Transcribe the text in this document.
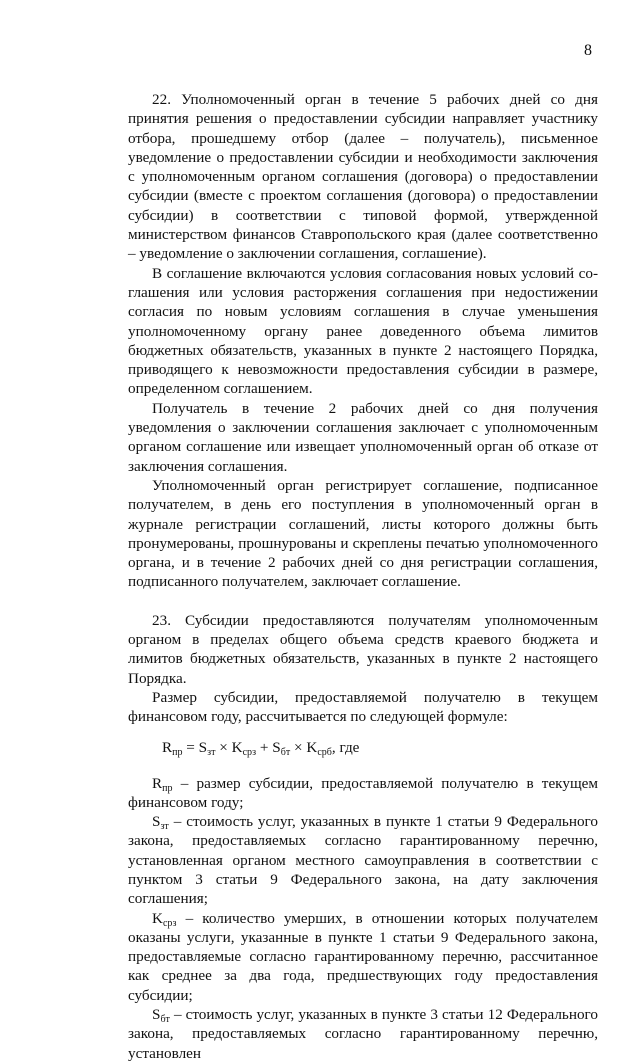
8

22. Уполномоченный орган в течение 5 рабочих дней со дня принятия решения о предоставлении субсидии направляет участнику отбора, прошедшему отбор (далее – получатель), письменное уведомление о предоставлении субсидии и необходимости заключения с уполномоченным органом соглашения (договора) о предоставлении субсидии (вместе с проектом соглашения (договора) о предоставлении субсидии) в соответствии с типовой формой, утвержденной министерством финансов Ставропольского края (далее соответственно – уведомление о заключении соглашения, соглашение).

В соглашение включаются условия согласования новых условий соглашения или условия расторжения соглашения при недостижении согласия по новым условиям соглашения в случае уменьшения уполномоченному органу ранее доведенного объема лимитов бюджетных обязательств, указанных в пункте 2 настоящего Порядка, приводящего к невозможности предоставления субсидии в размере, определенном соглашением.

Получатель в течение 2 рабочих дней со дня получения уведомления о заключении соглашения заключает с уполномоченным органом соглашение или извещает уполномоченный орган об отказе от заключения соглашения.

Уполномоченный орган регистрирует соглашение, подписанное получателем, в день его поступления в уполномоченный орган в журнале регистрации соглашений, листы которого должны быть пронумерованы, прошнурованы и скреплены печатью уполномоченного органа, и в течение 2 рабочих дней со дня регистрации соглашения, подписанного получателем, заключает соглашение.

23. Субсидии предоставляются получателям уполномоченным органом в пределах общего объема средств краевого бюджета и лимитов бюджетных обязательств, указанных в пункте 2 настоящего Порядка.

Размер субсидии, предоставляемой получателю в текущем финансовом году, рассчитывается по следующей формуле:

$R_{пр} = S_{зт} \times K_{срз} + S_{бт} \times K_{срб}$, где

$R_{пр}$ – размер субсидии, предоставляемой получателю в текущем финансовом году;

$S_{зт}$ – стоимость услуг, указанных в пункте 1 статьи 9 Федерального закона, предоставляемых согласно гарантированному перечню, установленная органом местного самоуправления в соответствии с пунктом 3 статьи 9 Федерального закона, на дату заключения соглашения;

$K_{срз}$ – количество умерших, в отношении которых получателем оказаны услуги, указанные в пункте 1 статьи 9 Федерального закона, предоставляемые согласно гарантированному перечню, рассчитанное как среднее за два года, предшествующих году предоставления субсидии;

$S_{бт}$ – стоимость услуг, указанных в пункте 3 статьи 12 Федерального закона, предоставляемых согласно гарантированному перечню, установлен
